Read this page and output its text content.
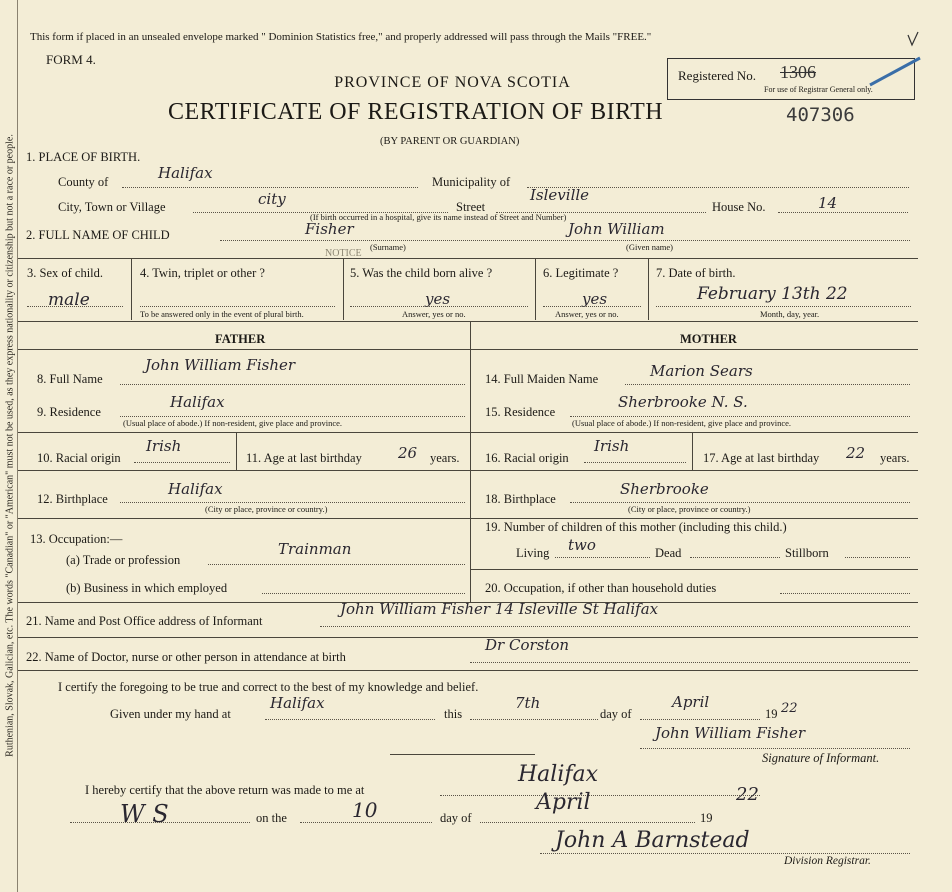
Ruthenian, Slovak, Galician, etc. The words "Canadian" or "American" must not be used, as they express nationality or citizenship but not a race or people.
This form if placed in an unsealed envelope marked " Dominion Statistics free," and properly addressed will pass through the Mails "FREE."
FORM 4.
PROVINCE OF NOVA SCOTIA	Registered No. 1306
For use of Registrar General only.
CERTIFICATE OF REGISTRATION OF BIRTH	407306
(BY PARENT OR GUARDIAN)
NOTICE
1. PLACE OF BIRTH.
County of	Halifax	Municipality of
City, Town or Village	city	Street
Isleville
House No.	14
(If birth occurred in a hospital, give its name instead of Street and Number)
2. FULL NAME OF CHILD	Fisher	John William
(Surname)	(Given name)
3. Sex of child.
male
4. Twin, triplet or other ?
To be answered only in the event of plural birth.
5. Was the child born alive ?
yes
Answer, yes or no.
6. Legitimate ?
yes
Answer, yes or no.
7. Date of birth.
February 13th 22
Month, day, year.
FATHER
8. Full Name
John William Fisher
9. Residence
Halifax
(Usual place of abode.) If non-resident, give place and province.
10. Racial origin
Irish
11. Age at last birthday 26 years.
12. Birthplace
Halifax
(City or place, province or country.)
13. Occupation:—
(a) Trade or profession
Trainman
(b) Business in which employed
MOTHER
14. Full Maiden Name	Marion Sears
15. Residence
Sherbrooke N. S.
(Usual place of abode.) If non-resident, give place and province.
16. Racial origin
Irish
17. Age at last birthday 22 years.
18. Birthplace
Sherbrooke
(City or place, province or country.)
19. Number of children of this mother (including this child.)
Living two	Dead	Stillborn
20. Occupation, if other than household duties
21. Name and Post Office address of Informant
John William Fisher 14 Isleville St Halifax
22. Name of Doctor, nurse or other person in attendance at birth
Dr Corston
I certify the foregoing to be true and correct to the best of my knowledge and belief.
Given under my hand at
Halifax
this
7th
day of
April
19 22
John William Fisher
Signature of Informant.
I hereby certify that the above return was made to me at
Halifax
W S	on the	10	day of
April
19
22
John A Barnstead
Division Registrar.
